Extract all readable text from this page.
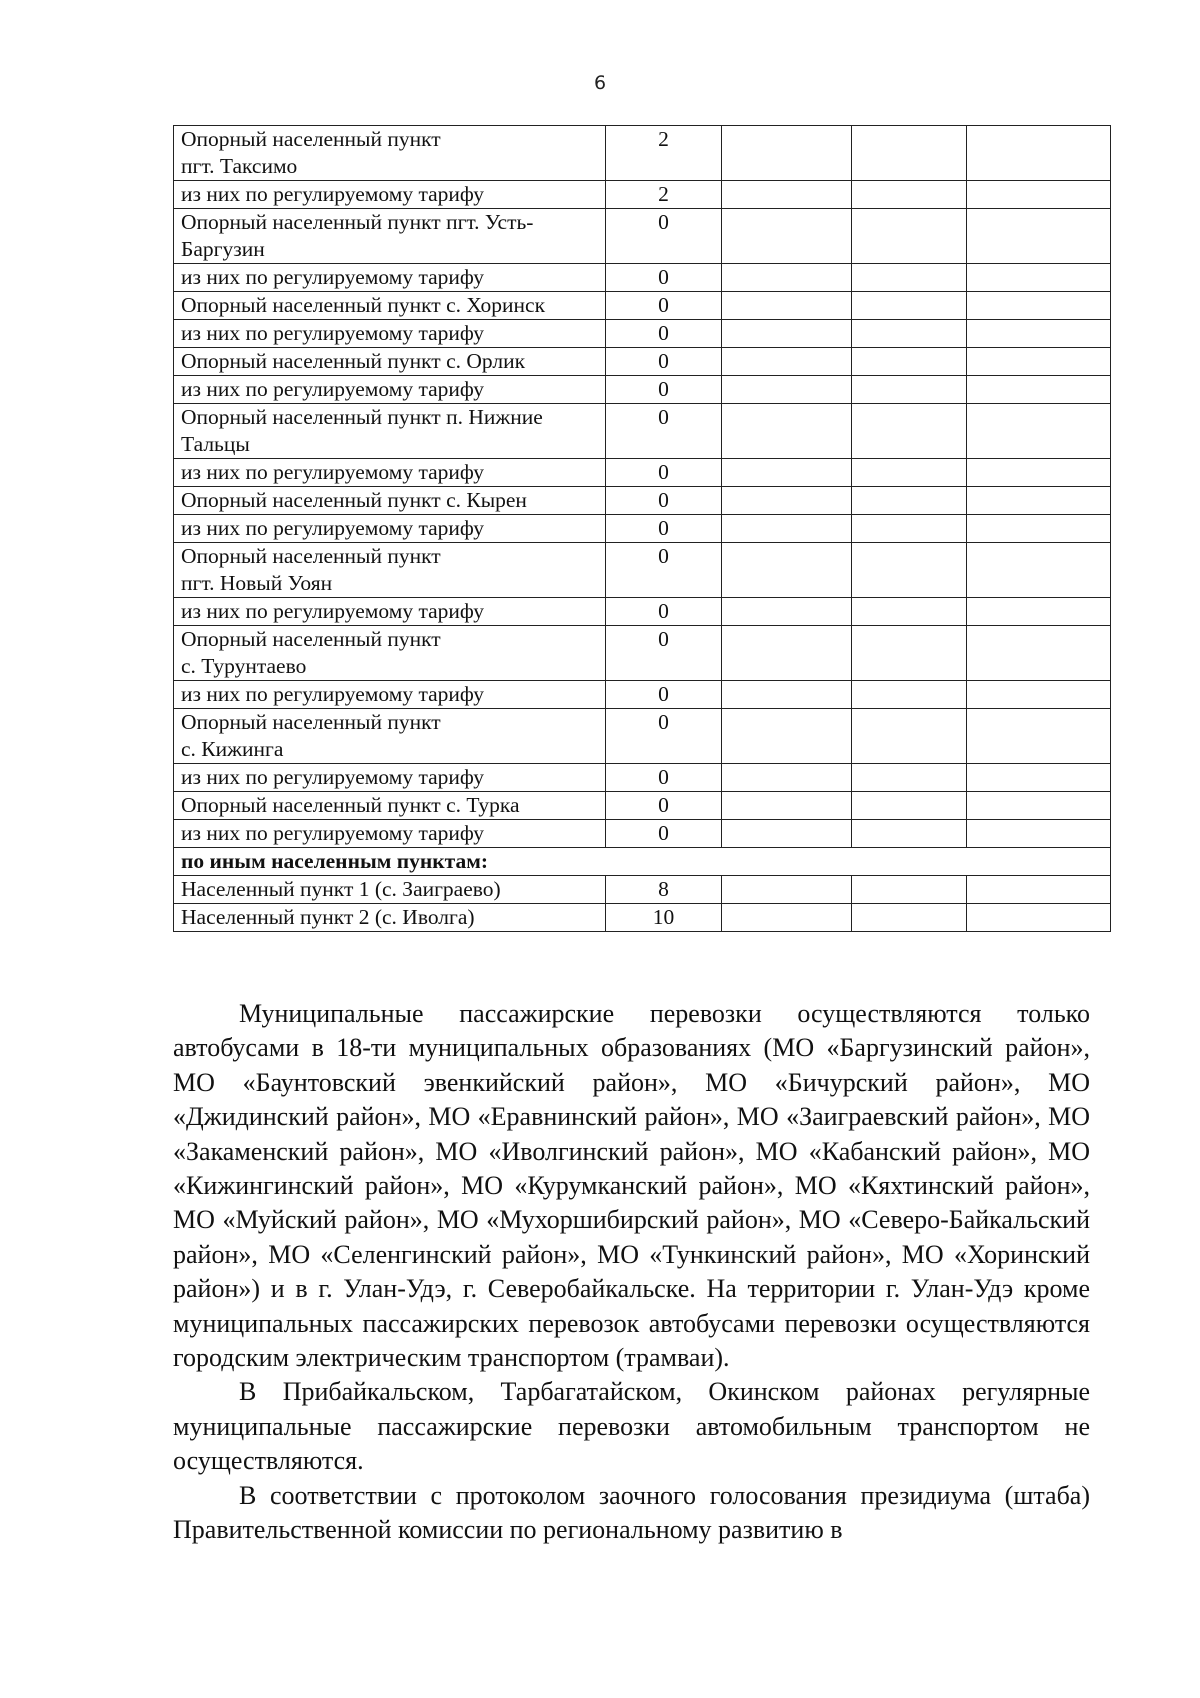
6
Опорный населенный пункт
пгт. Таксимо	2			
из них по регулируемому тарифу	2			
Опорный населенный пункт пгт. Усть-Баргузин	0			
из них по регулируемому тарифу	0			
Опорный населенный пункт с. Хоринск	0			
из них по регулируемому тарифу	0			
Опорный населенный пункт с. Орлик	0			
из них по регулируемому тарифу	0			
Опорный населенный пункт п. Нижние Тальцы	0			
из них по регулируемому тарифу	0			
Опорный населенный пункт с. Кырен	0			
из них по регулируемому тарифу	0			
Опорный населенный пункт
пгт. Новый Уоян	0			
из них по регулируемому тарифу	0			
Опорный населенный пункт
с. Турунтаево	0			
из них по регулируемому тарифу	0			
Опорный населенный пункт
с. Кижинга	0			
из них по регулируемому тарифу	0			
Опорный населенный пункт с. Турка	0			
из них по регулируемому тарифу	0			
по иным населенным пунктам:				
Населенный пункт 1 (с. Заиграево)	8			
Населенный пункт 2 (с. Иволга)	10			

Муниципальные пассажирские перевозки осуществляются только автобусами в 18-ти муниципальных образованиях (МО «Баргузинский район», МО «Баунтовский эвенкийский район», МО «Бичурский район», МО «Джидинский район», МО «Еравнинский район», МО «Заиграевский район», МО «Закаменский район», МО «Иволгинский район», МО «Кабанский район», МО «Кижингинский район», МО «Курумканский район», МО «Кяхтинский район», МО «Муйский район», МО «Мухоршибирский район», МО «Северо-Байкальский район», МО «Селенгинский район», МО «Тункинский район», МО «Хоринский район») и в г. Улан-Удэ, г. Северобайкальске. На территории г. Улан-Удэ кроме муниципальных пассажирских перевозок автобусами перевозки осуществляются городским электрическим транспортом (трамваи).

В Прибайкальском, Тарбагатайском, Окинском районах регулярные муниципальные пассажирские перевозки автомобильным транспортом не осуществляются.

В соответствии с протоколом заочного голосования президиума (штаба) Правительственной комиссии по региональному развитию в
